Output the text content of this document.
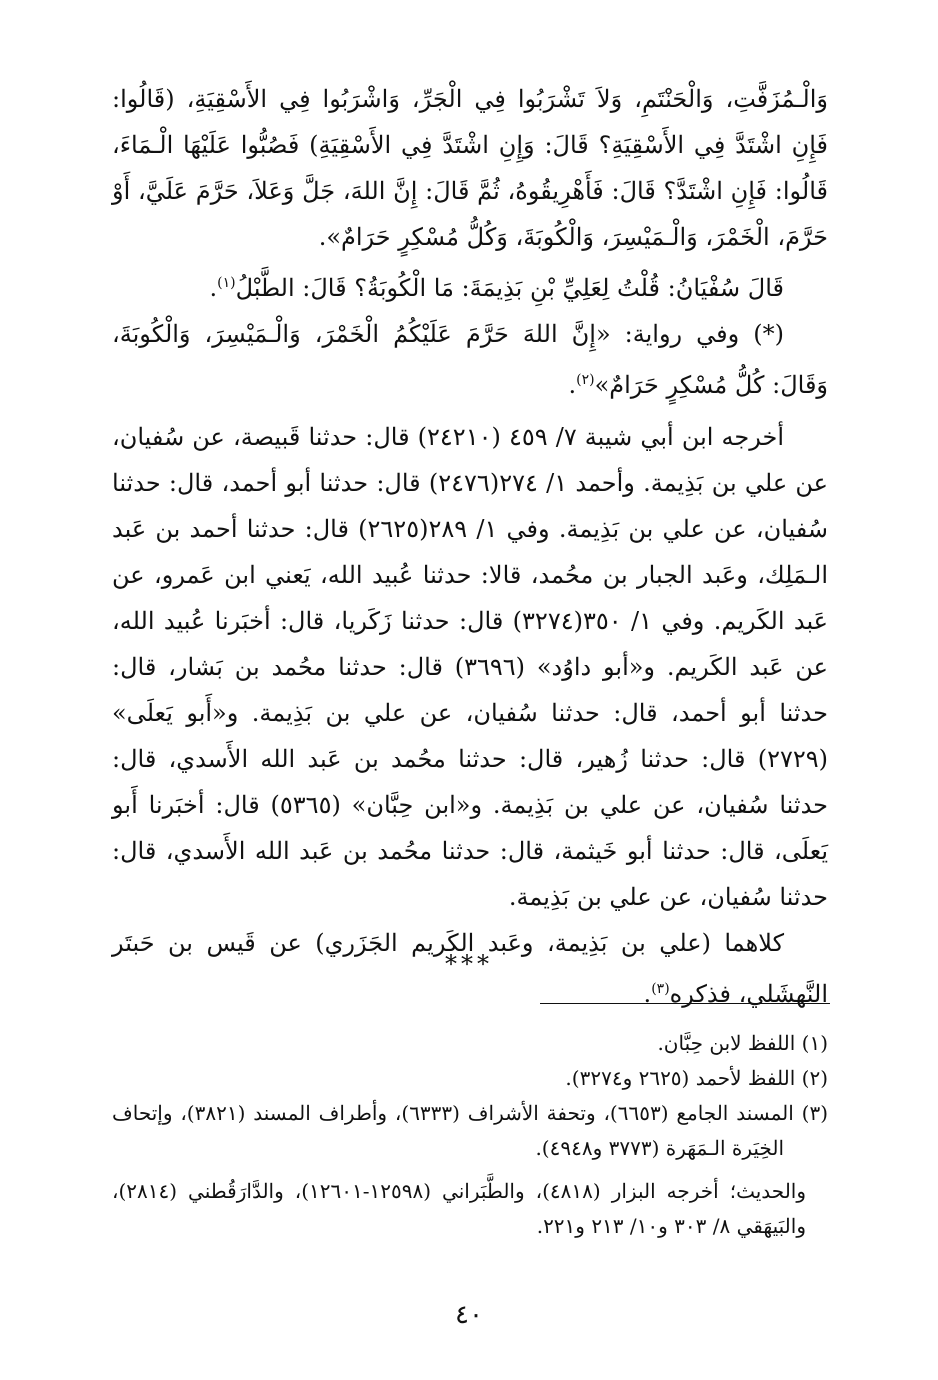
وَالْـمُزَفَّتِ، وَالْحَنْتَمِ، وَلاَ تَشْرَبُوا فِي الْجَرِّ، وَاشْرَبُوا فِي الأَسْقِيَةِ، (قَالُوا: فَإِنِ اشْتَدَّ فِي الأَسْقِيَةِ؟ قَالَ: وَإِنِ اشْتَدَّ فِي الأَسْقِيَةِ) فَصُبُّوا عَلَيْهَا الْـمَاءَ، قَالُوا: فَإِنِ اشْتَدَّ؟ قَالَ: فَأَهْرِيقُوهُ، ثُمَّ قَالَ: إِنَّ اللهَ، جَلَّ وَعَلاَ، حَرَّمَ عَلَيَّ، أَوْ حَرَّمَ، الْخَمْرَ، وَالْـمَيْسِرَ، وَالْكُوبَةَ، وَكُلُّ مُسْكِرٍ حَرَامٌ».

قَالَ سُفْيَانُ: قُلْتُ لِعَلِيِّ بْنِ بَذِيمَةَ: مَا الْكُوبَةُ؟ قَالَ: الطَّبْلُ$^{(١)}$.

(*) وفي رواية: «إِنَّ اللهَ حَرَّمَ عَلَيْكُمُ الْخَمْرَ، وَالْـمَيْسِرَ، وَالْكُوبَةَ، وَقَالَ: كُلُّ مُسْكِرٍ حَرَامٌ»$^{(٢)}$.

أخرجه ابن أبي شيبة ٧/ ٤٥٩ (٢٤٢١٠) قال: حدثنا قَبيصة، عن سُفيان، عن علي بن بَذِيمة. وأحمد ١/ ٢٧٤(٢٤٧٦) قال: حدثنا أبو أحمد، قال: حدثنا سُفيان، عن علي بن بَذِيمة. وفي ١/ ٢٨٩(٢٦٢٥) قال: حدثنا أحمد بن عَبد الـمَلِك، وعَبد الجبار بن محُمد، قالا: حدثنا عُبيد الله، يَعني ابن عَمرو، عن عَبد الكَريم. وفي ١/ ٣٥٠(٣٢٧٤) قال: حدثنا زَكَريا، قال: أخبَرنا عُبيد الله، عن عَبد الكَريم. و«أبو داوُد» (٣٦٩٦) قال: حدثنا محُمد بن بَشار، قال: حدثنا أبو أحمد، قال: حدثنا سُفيان، عن علي بن بَذِيمة. و«أَبو يَعلَى» (٢٧٢٩) قال: حدثنا زُهير، قال: حدثنا محُمد بن عَبد الله الأَسدي، قال: حدثنا سُفيان، عن علي بن بَذِيمة. و«ابن حِبَّان» (٥٣٦٥) قال: أخبَرنا أَبو يَعلَى، قال: حدثنا أبو خَيثمة، قال: حدثنا محُمد بن عَبد الله الأَسدي، قال: حدثنا سُفيان، عن علي بن بَذِيمة.

كلاهما (علي بن بَذِيمة، وعَبد الكَريم الجَزَري) عن قَيس بن حَبتَر النَّهشَلي، فذكره$^{(٣)}$.

***

(١) اللفظ لابن حِبَّان.

(٢) اللفظ لأحمد (٢٦٢٥ و٣٢٧٤).

(٣) المسند الجامع (٦٦٥٣)، وتحفة الأشراف (٦٣٣٣)، وأطراف المسند (٣٨٢١)، وإتحاف الخِيَرة الـمَهَرة (٣٧٧٣ و٤٩٤٨).

والحديث؛ أخرجه البزار (٤٨١٨)، والطَّبَراني (١٢٥٩٨-١٢٦٠١)، والدَّارَقُطني (٢٨١٤)، والبَيهَقي ٨/ ٣٠٣ و١٠/ ٢١٣ و٢٢١.

٤٠
